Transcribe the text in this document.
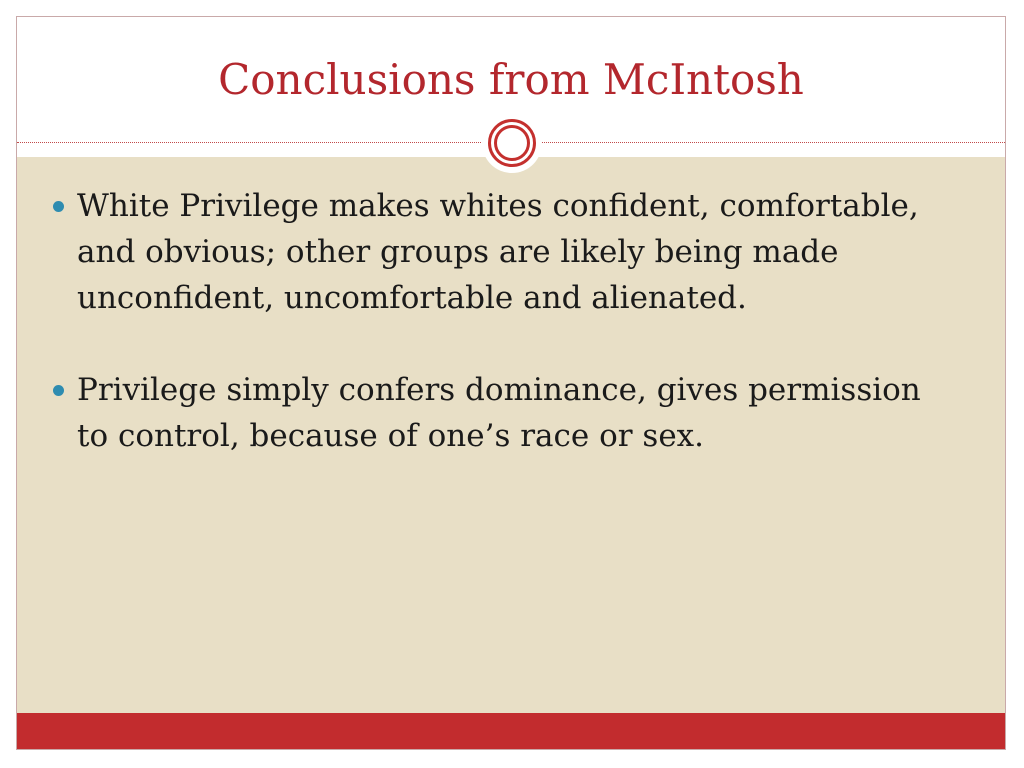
Conclusions from McIntosh
White Privilege makes whites confident, comfortable, and obvious; other groups are likely being made unconfident, uncomfortable and alienated.
Privilege simply confers dominance, gives permission to control, because of one’s race or sex.
